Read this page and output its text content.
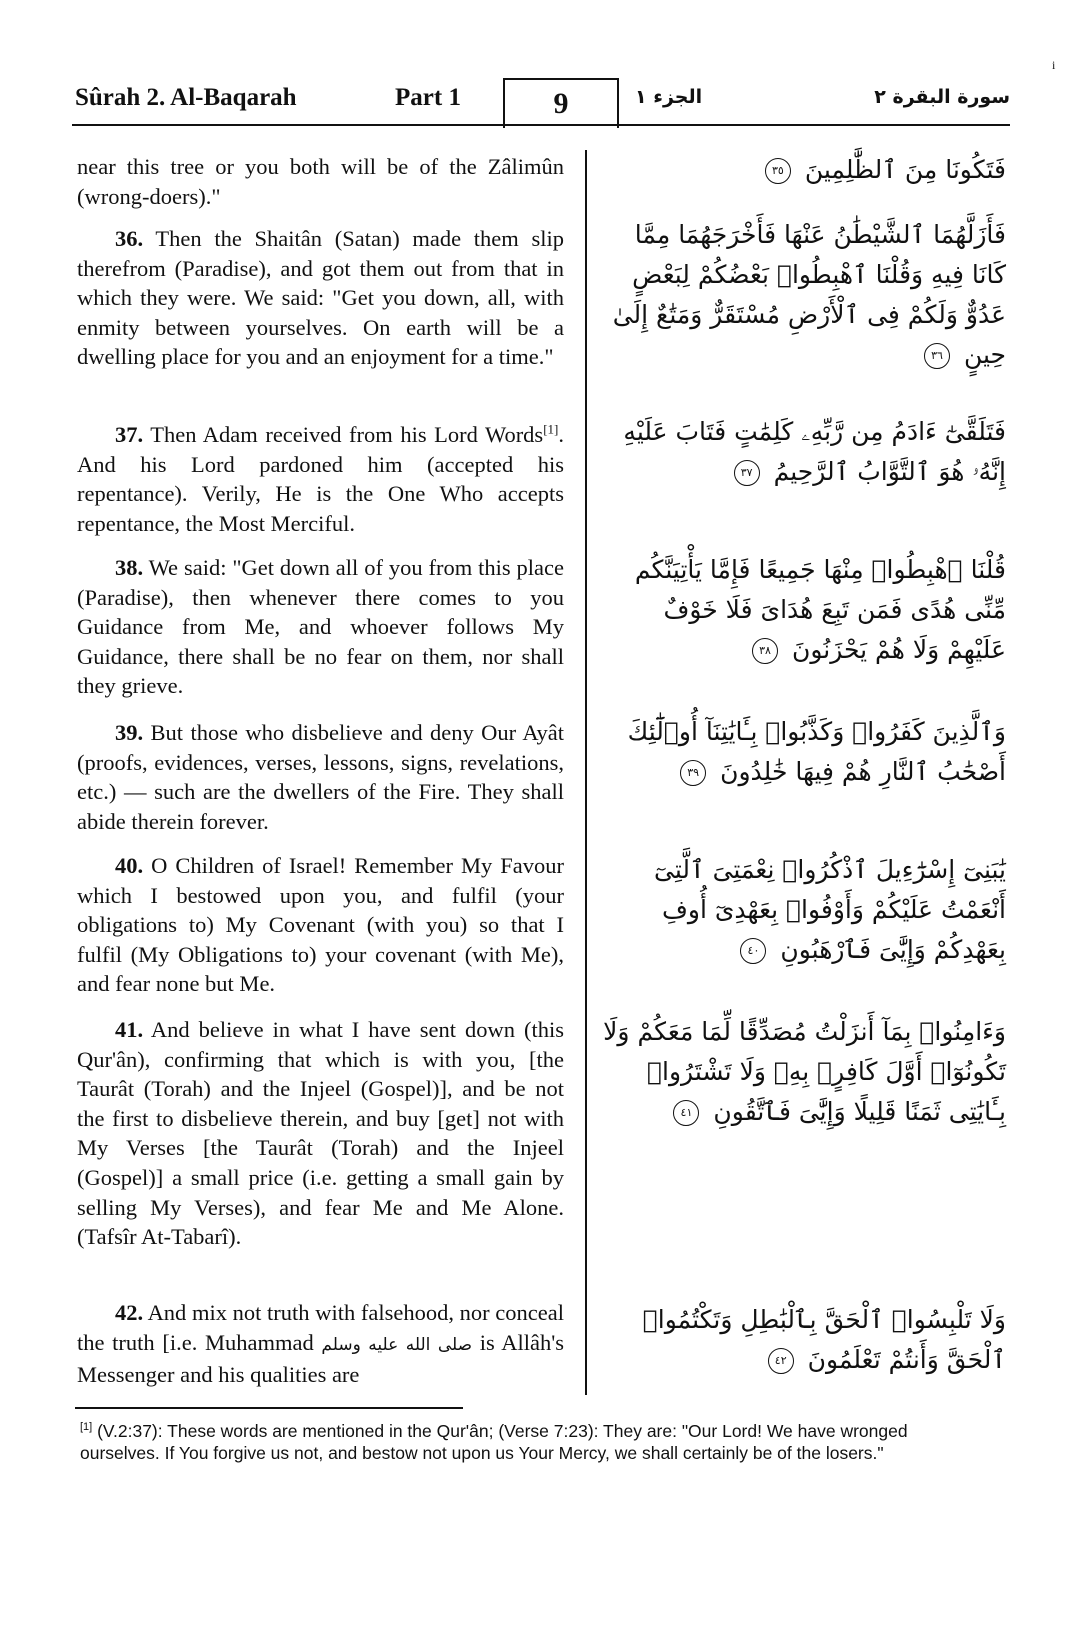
i
Sûrah 2. Al-Baqarah	Part 1	9	الجزء ١	سورة البقرة ٢

near this tree or you both will be of the Zâlimûn (wrong-doers)."

36. Then the Shaitân (Satan) made them slip therefrom (Paradise), and got them out from that in which they were. We said: "Get you down, all, with enmity between yourselves. On earth will be a dwelling place for you and an enjoyment for a time."

37. Then Adam received from his Lord Words[1]. And his Lord pardoned him (accepted his repentance). Verily, He is the One Who accepts repentance, the Most Merciful.

38. We said: "Get down all of you from this place (Paradise), then whenever there comes to you Guidance from Me, and whoever follows My Guidance, there shall be no fear on them, nor shall they grieve.

39. But those who disbelieve and deny Our Ayât (proofs, evidences, verses, lessons, signs, revelations, etc.) — such are the dwellers of the Fire. They shall abide therein forever.

40. O Children of Israel! Remember My Favour which I bestowed upon you, and fulfil (your obligations to) My Covenant (with you) so that I fulfil (My Obligations to) your covenant (with Me), and fear none but Me.

41. And believe in what I have sent down (this Qur'ân), confirming that which is with you, [the Taurât (Torah) and the Injeel (Gospel)], and be not the first to disbelieve therein, and buy [get] not with My Verses [the Taurât (Torah) and the Injeel (Gospel)] a small price (i.e. getting a small gain by selling My Verses), and fear Me and Me Alone. (Tafsîr At-Tabarî).

42. And mix not truth with falsehood, nor conceal the truth [i.e. Muhammad صلى الله عليه وسلم is Allâh's Messenger and his qualities are

فَتَكُونَا مِنَ ٱلظَّٰلِمِينَ ٣٥
فَأَزَلَّهُمَا ٱلشَّيْطَٰنُ عَنْهَا فَأَخْرَجَهُمَا مِمَّا كَانَا فِيهِ وَقُلْنَا ٱهْبِطُوا۟ بَعْضُكُمْ لِبَعْضٍ عَدُوٌّ وَلَكُمْ فِى ٱلْأَرْضِ مُسْتَقَرٌّ وَمَتَٰعٌ إِلَىٰ حِينٍ ٣٦
فَتَلَقَّىٰٓ ءَادَمُ مِن رَّبِّهِۦ كَلِمَٰتٍ فَتَابَ عَلَيْهِ إِنَّهُۥ هُوَ ٱلتَّوَّابُ ٱلرَّحِيمُ ٣٧
قُلْنَا ٱهْبِطُوا۟ مِنْهَا جَمِيعًا فَإِمَّا يَأْتِيَنَّكُم مِّنِّى هُدًى فَمَن تَبِعَ هُدَاىَ فَلَا خَوْفٌ عَلَيْهِمْ وَلَا هُمْ يَحْزَنُونَ ٣٨
وَٱلَّذِينَ كَفَرُوا۟ وَكَذَّبُوا۟ بِـَٔايَٰتِنَآ أُو۟لَٰٓئِكَ أَصْحَٰبُ ٱلنَّارِ هُمْ فِيهَا خَٰلِدُونَ ٣٩
يَٰبَنِىٓ إِسْرَٰٓءِيلَ ٱذْكُرُوا۟ نِعْمَتِىَ ٱلَّتِىٓ أَنْعَمْتُ عَلَيْكُمْ وَأَوْفُوا۟ بِعَهْدِىٓ أُوفِ بِعَهْدِكُمْ وَإِيَّٰىَ فَٱرْهَبُونِ ٤٠
وَءَامِنُوا۟ بِمَآ أَنزَلْتُ مُصَدِّقًا لِّمَا مَعَكُمْ وَلَا تَكُونُوٓا۟ أَوَّلَ كَافِرٍۭ بِهِۦ وَلَا تَشْتَرُوا۟ بِـَٔايَٰتِى ثَمَنًا قَلِيلًا وَإِيَّٰىَ فَٱتَّقُونِ ٤١
وَلَا تَلْبِسُوا۟ ٱلْحَقَّ بِٱلْبَٰطِلِ وَتَكْتُمُوا۟ ٱلْحَقَّ وَأَنتُمْ تَعْلَمُونَ ٤٢
[1] (V.2:37): These words are mentioned in the Qur'ân; (Verse 7:23): They are: "Our Lord! We have wronged ourselves. If You forgive us not, and bestow not upon us Your Mercy, we shall certainly be of the losers."
